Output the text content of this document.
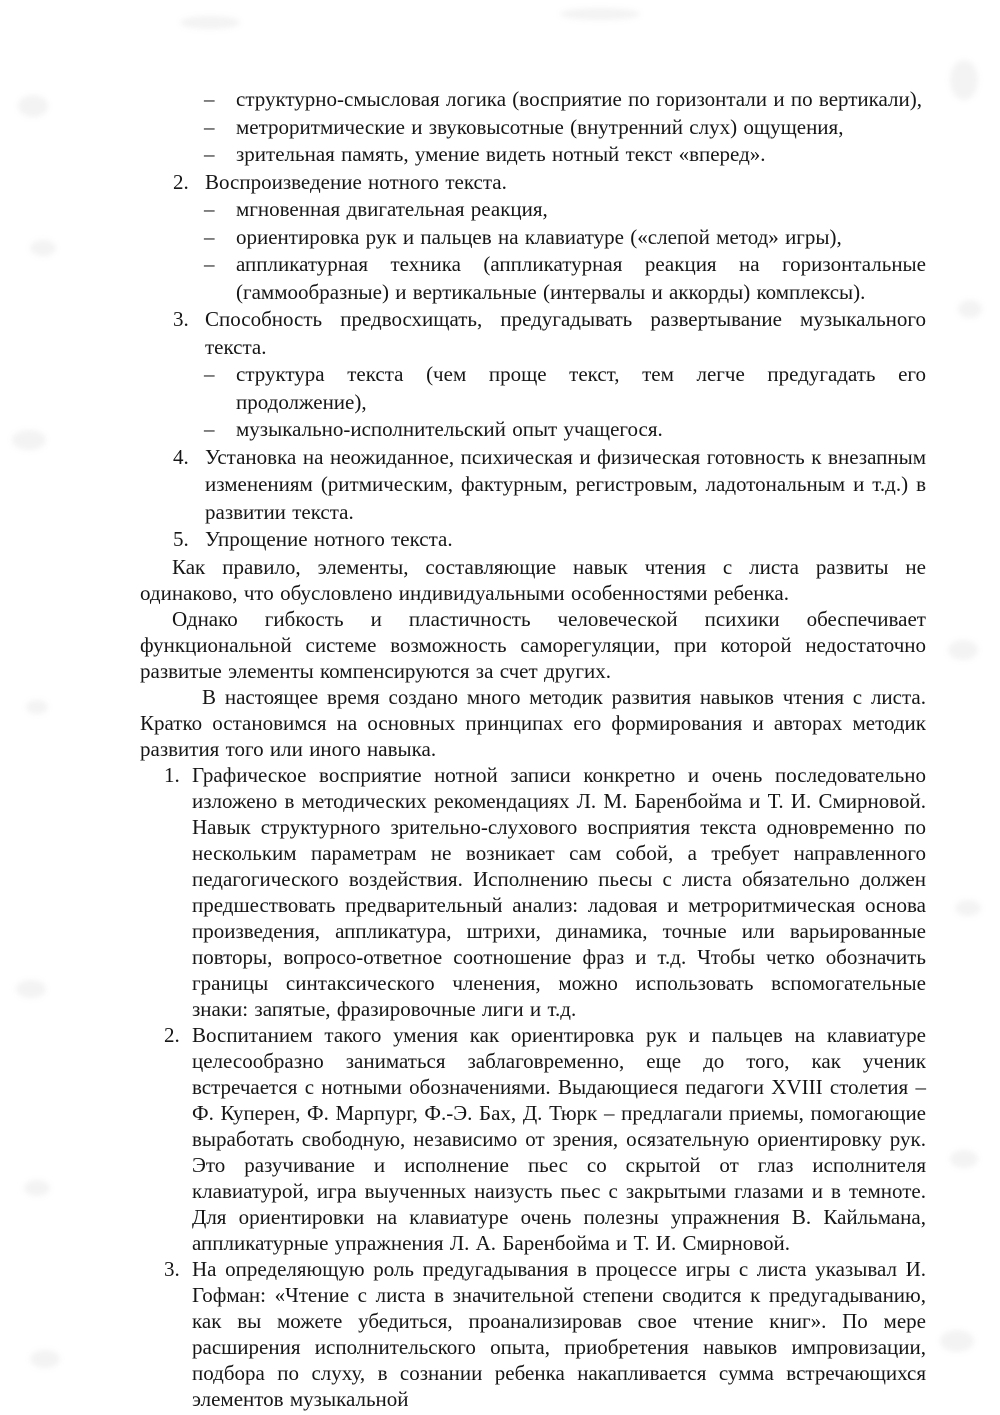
– структурно-смысловая логика (восприятие по горизонтали и по вертикали),
– метроритмические и звуковысотные (внутренний слух) ощущения,
– зрительная память, умение видеть нотный текст «вперед».
2. Воспроизведение нотного текста.
– мгновенная двигательная реакция,
– ориентировка рук и пальцев на клавиатуре («слепой метод» игры),
– аппликатурная техника (аппликатурная реакция на горизонтальные (гаммообразные) и вертикальные (интервалы и аккорды) комплексы).
3. Способность предвосхищать, предугадывать развертывание музыкального текста.
– структура текста (чем проще текст, тем легче предугадать его продолжение),
– музыкально-исполнительский опыт учащегося.
4. Установка на неожиданное, психическая и физическая готовность к внезапным изменениям (ритмическим, фактурным, регистровым, ладотональным и т.д.) в развитии текста.
5. Упрощение нотного текста.

Как правило, элементы, составляющие навык чтения с листа развиты не одинаково, что обусловлено индивидуальными особенностями ребенка.

Однако гибкость и пластичность человеческой психики обеспечивает функциональной системе возможность саморегуляции, при которой недостаточно развитые элементы компенсируются за счет других.

В настоящее время создано много методик развития навыков чтения с листа. Кратко остановимся на основных принципах его формирования и авторах методик развития того или иного навыка.

1. Графическое восприятие нотной записи конкретно и очень последовательно изложено в методических рекомендациях Л. М. Баренбойма и Т. И. Смирновой. Навык структурного зрительно-слухового восприятия текста одновременно по нескольким параметрам не возникает сам собой, а требует направленного педагогического воздействия. Исполнению пьесы с листа обязательно должен предшествовать предварительный анализ: ладовая и метроритмическая основа произведения, аппликатура, штрихи, динамика, точные или варьированные повторы, вопросо-ответное соотношение фраз и т.д. Чтобы четко обозначить границы синтаксического членения, можно использовать вспомогательные знаки: запятые, фразировочные лиги и т.д.
2. Воспитанием такого умения как ориентировка рук и пальцев на клавиатуре целесообразно заниматься заблаговременно, еще до того, как ученик встречается с нотными обозначениями. Выдающиеся педагоги XVIII столетия – Ф. Куперен, Ф. Марпург, Ф.-Э. Бах, Д. Тюрк – предлагали приемы, помогающие выработать свободную, независимо от зрения, осязательную ориентировку рук. Это разучивание и исполнение пьес со скрытой от глаз исполнителя клавиатурой, игра выученных наизусть пьес с закрытыми глазами и в темноте. Для ориентировки на клавиатуре очень полезны упражнения В. Кайльмана, аппликатурные упражнения Л. А. Баренбойма и Т. И. Смирновой.
3. На определяющую роль предугадывания в процессе игры с листа указывал И. Гофман: «Чтение с листа в значительной степени сводится к предугадыванию, как вы можете убедиться, проанализировав свое чтение книг». По мере расширения исполнительского опыта, приобретения навыков импровизации, подбора по слуху, в сознании ребенка накапливается сумма встречающихся элементов музыкальной
